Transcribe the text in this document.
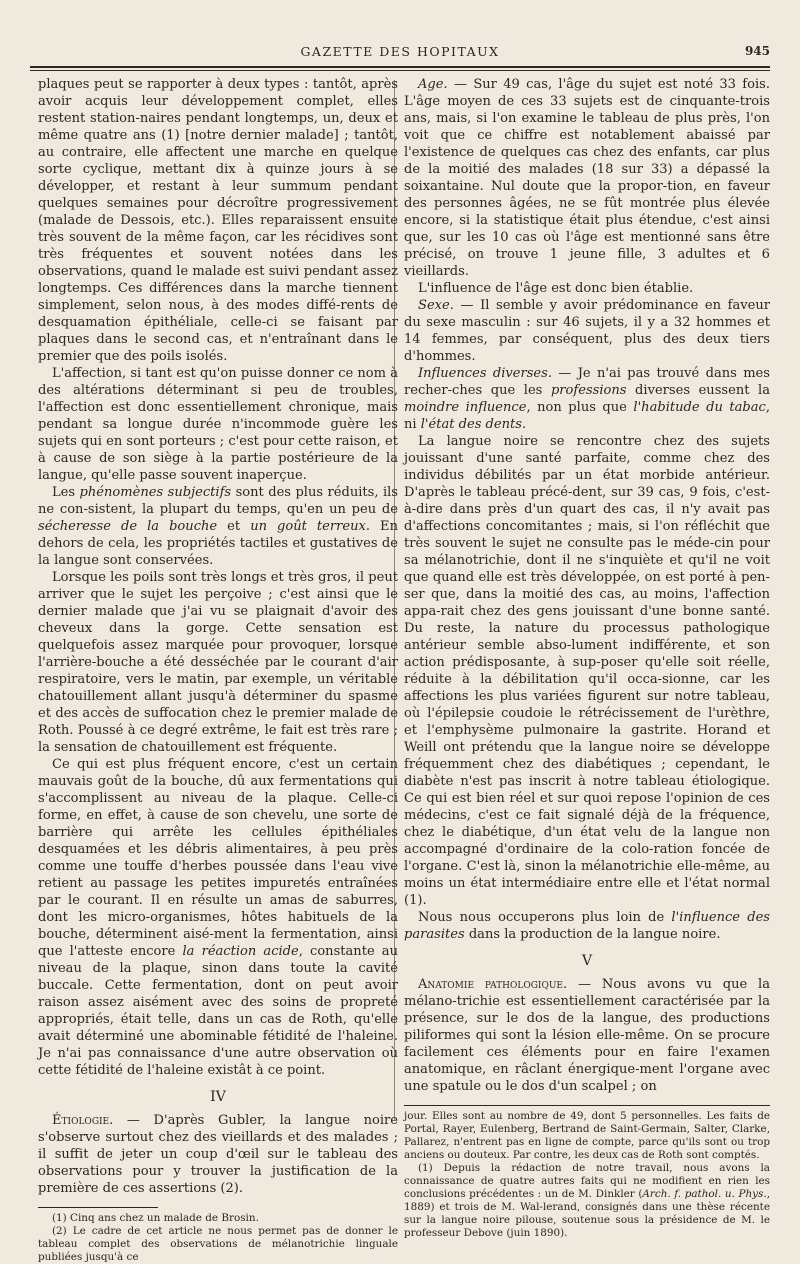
GAZETTE DES HOPITAUX	945

plaques peut se rapporter à deux types : tantôt, après avoir acquis leur développement complet, elles restent station-naires pendant longtemps, un, deux et même quatre ans (1) [notre dernier malade] ; tantôt, au contraire, elle affectent une marche en quelque sorte cyclique, mettant dix à quinze jours à se développer, et restant à leur summum pendant quelques semaines pour décroître progressivement (malade de Dessois, etc.). Elles reparaissent ensuite très souvent de la même façon, car les récidives sont très fréquentes et souvent notées dans les observations, quand le malade est suivi pendant assez longtemps. Ces différences dans la marche tiennent simplement, selon nous, à des modes diffé-rents de desquamation épithéliale, celle-ci se faisant par plaques dans le second cas, et n'entraînant dans le premier que des poils isolés.

L'affection, si tant est qu'on puisse donner ce nom à des altérations déterminant si peu de troubles, l'affection est donc essentiellement chronique, mais pendant sa longue durée n'incommode guère les sujets qui en sont porteurs ; c'est pour cette raison, et à cause de son siège à la partie postérieure de la langue, qu'elle passe souvent inaperçue.

Les phénomènes subjectifs sont des plus réduits, ils ne con-sistent, la plupart du temps, qu'en un peu de sécheresse de la bouche et un goût terreux. En dehors de cela, les propriétés tactiles et gustatives de la langue sont conservées.

Lorsque les poils sont très longs et très gros, il peut arriver que le sujet les perçoive ; c'est ainsi que le dernier malade que j'ai vu se plaignait d'avoir des cheveux dans la gorge. Cette sensation est quelquefois assez marquée pour provoquer, lorsque l'arrière-bouche a été desséchée par le courant d'air respiratoire, vers le matin, par exemple, un véritable chatouillement allant jusqu'à déterminer du spasme et des accès de suffocation chez le premier malade de Roth. Poussé à ce degré extrême, le fait est très rare ; la sensation de chatouillement est fréquente.

Ce qui est plus fréquent encore, c'est un certain mauvais goût de la bouche, dû aux fermentations qui s'accomplissent au niveau de la plaque. Celle-ci forme, en effet, à cause de son chevelu, une sorte de barrière qui arrête les cellules épithéliales desquamées et les débris alimentaires, à peu près comme une touffe d'herbes poussée dans l'eau vive retient au passage les petites impuretés entraînées par le courant. Il en résulte un amas de saburres, dont les micro-organismes, hôtes habituels de la bouche, déterminent aisé-ment la fermentation, ainsi que l'atteste encore la réaction acide, constante au niveau de la plaque, sinon dans toute la cavité buccale. Cette fermentation, dont on peut avoir raison assez aisément avec des soins de propreté appropriés, était telle, dans un cas de Roth, qu'elle avait déterminé une abominable fétidité de l'haleine. Je n'ai pas connaissance d'une autre observation où cette fétidité de l'haleine existât à ce point.

IV

Étiologie. — D'après Gubler, la langue noire s'observe surtout chez des vieillards et des malades ; il suffit de jeter un coup d'œil sur le tableau des observations pour y trouver la justification de la première de ces assertions (2).

(1) Cinq ans chez un malade de Brosin.

(2) Le cadre de cet article ne nous permet pas de donner le tableau complet des observations de mélanotrichie linguale publiées jusqu'à ce

Age. — Sur 49 cas, l'âge du sujet est noté 33 fois. L'âge moyen de ces 33 sujets est de cinquante-trois ans, mais, si l'on examine le tableau de plus près, l'on voit que ce chiffre est notablement abaissé par l'existence de quelques cas chez des enfants, car plus de la moitié des malades (18 sur 33) a dépassé la soixantaine. Nul doute que la propor-tion, en faveur des personnes âgées, ne se fût montrée plus élevée encore, si la statistique était plus étendue, c'est ainsi que, sur les 10 cas où l'âge est mentionné sans être précisé, on trouve 1 jeune fille, 3 adultes et 6 vieillards.

L'influence de l'âge est donc bien établie.

Sexe. — Il semble y avoir prédominance en faveur du sexe masculin : sur 46 sujets, il y a 32 hommes et 14 femmes, par conséquent, plus des deux tiers d'hommes.

Influences diverses. — Je n'ai pas trouvé dans mes recher-ches que les professions diverses eussent la moindre influence, non plus que l'habitude du tabac, ni l'état des dents.

La langue noire se rencontre chez des sujets jouissant d'une santé parfaite, comme chez des individus débilités par un état morbide antérieur. D'après le tableau précé-dent, sur 39 cas, 9 fois, c'est-à-dire dans près d'un quart des cas, il n'y avait pas d'affections concomitantes ; mais, si l'on réfléchit que très souvent le sujet ne consulte pas le méde-cin pour sa mélanotrichie, dont il ne s'inquiète et qu'il ne voit que quand elle est très développée, on est porté à pen-ser que, dans la moitié des cas, au moins, l'affection appa-rait chez des gens jouissant d'une bonne santé. Du reste, la nature du processus pathologique antérieur semble abso-lument indifférente, et son action prédisposante, à sup-poser qu'elle soit réelle, réduite à la débilitation qu'il occa-sionne, car les affections les plus variées figurent sur notre tableau, où l'épilepsie coudoie le rétrécissement de l'urèthre, et l'emphysème pulmonaire la gastrite. Horand et Weill ont prétendu que la langue noire se développe fréquemment chez des diabétiques ; cependant, le diabète n'est pas inscrit à notre tableau étiologique. Ce qui est bien réel et sur quoi repose l'opinion de ces médecins, c'est ce fait signalé déjà de la fréquence, chez le diabétique, d'un état velu de la langue non accompagné d'ordinaire de la colo-ration foncée de l'organe. C'est là, sinon la mélanotrichie elle-même, au moins un état intermédiaire entre elle et l'état normal (1).

Nous nous occuperons plus loin de l'influence des parasites dans la production de la langue noire.

V

Anatomie pathologique. — Nous avons vu que la mélano-trichie est essentiellement caractérisée par la présence, sur le dos de la langue, des productions piliformes qui sont la lésion elle-même. On se procure facilement ces éléments pour en faire l'examen anatomique, en râclant énergique-ment l'organe avec une spatule ou le dos d'un scalpel ; on

jour. Elles sont au nombre de 49, dont 5 personnelles. Les faits de Portal, Rayer, Eulenberg, Bertrand de Saint-Germain, Salter, Clarke, Pallarez, n'entrent pas en ligne de compte, parce qu'ils sont ou trop anciens ou douteux. Par contre, les deux cas de Roth sont comptés.

(1) Depuis la rédaction de notre travail, nous avons la connaissance de quatre autres faits qui ne modifient en rien les conclusions précédentes : un de M. Dinkler (Arch. f. pathol. u. Phys., 1889) et trois de M. Wal-lerand, consignés dans une thèse récente sur la langue noire pilouse, soutenue sous la présidence de M. le professeur Debove (juin 1890).
